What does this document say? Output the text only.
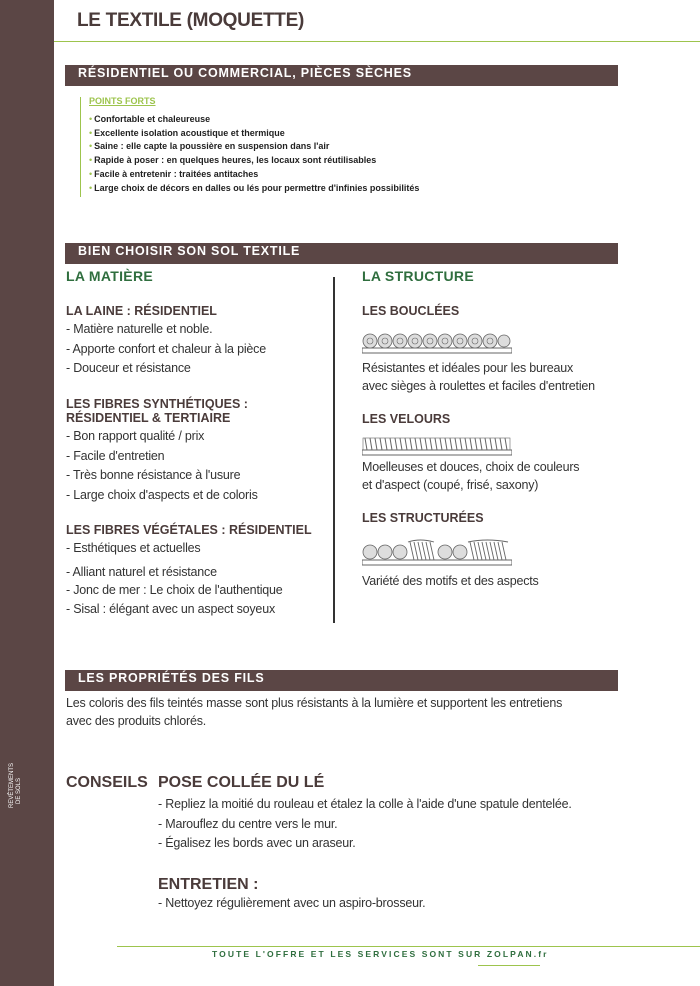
REVÊTEMENTS DE SOLS
LE TEXTILE (MOQUETTE)
RÉSIDENTIEL OU COMMERCIAL, PIÈCES SÈCHES
POINTS FORTS
• Confortable et chaleureuse
• Excellente isolation acoustique et thermique
• Saine : elle capte la poussière en suspension dans l'air
• Rapide à poser : en quelques heures, les locaux sont réutilisables
• Facile à entretenir : traitées antitaches
• Large choix de décors en dalles ou lés pour permettre d'infinies possibilités
BIEN CHOISIR SON SOL TEXTILE
LA MATIÈRE
LA LAINE : RÉSIDENTIEL
- Matière naturelle et noble.
- Apporte confort et chaleur à la pièce
- Douceur et résistance
LES FIBRES SYNTHÉTIQUES :
RÉSIDENTIEL & TERTIAIRE
- Bon rapport qualité / prix
- Facile d'entretien
- Très bonne résistance à l'usure
- Large choix d'aspects et de coloris
LES FIBRES VÉGÉTALES : RÉSIDENTIEL
- Esthétiques et actuelles
- Alliant naturel et résistance
- Jonc de mer : Le choix de l'authentique
- Sisal : élégant avec un aspect soyeux
LA STRUCTURE
LES BOUCLÉES
Résistantes et idéales pour les bureaux
avec sièges à roulettes et faciles d'entretien
LES VELOURS
Moelleuses et douces, choix de couleurs
et d'aspect (coupé, frisé, saxony)
LES STRUCTURÉES
Variété des motifs et des aspects
LES PROPRIÉTÉS DES FILS
Les coloris des fils teintés masse sont plus résistants à la lumière et supportent les entretiens
avec des produits chlorés.
CONSEILS POSE COLLÉE DU LÉ
- Repliez la moitié du rouleau et étalez la colle à l'aide d'une spatule dentelée.
- Marouflez du centre vers le mur.
- Égalisez les bords avec un araseur.
ENTRETIEN :
- Nettoyez régulièrement avec un aspiro-brosseur.
TOUTE L'OFFRE ET LES SERVICES SONT SUR ZOLPAN.fr
